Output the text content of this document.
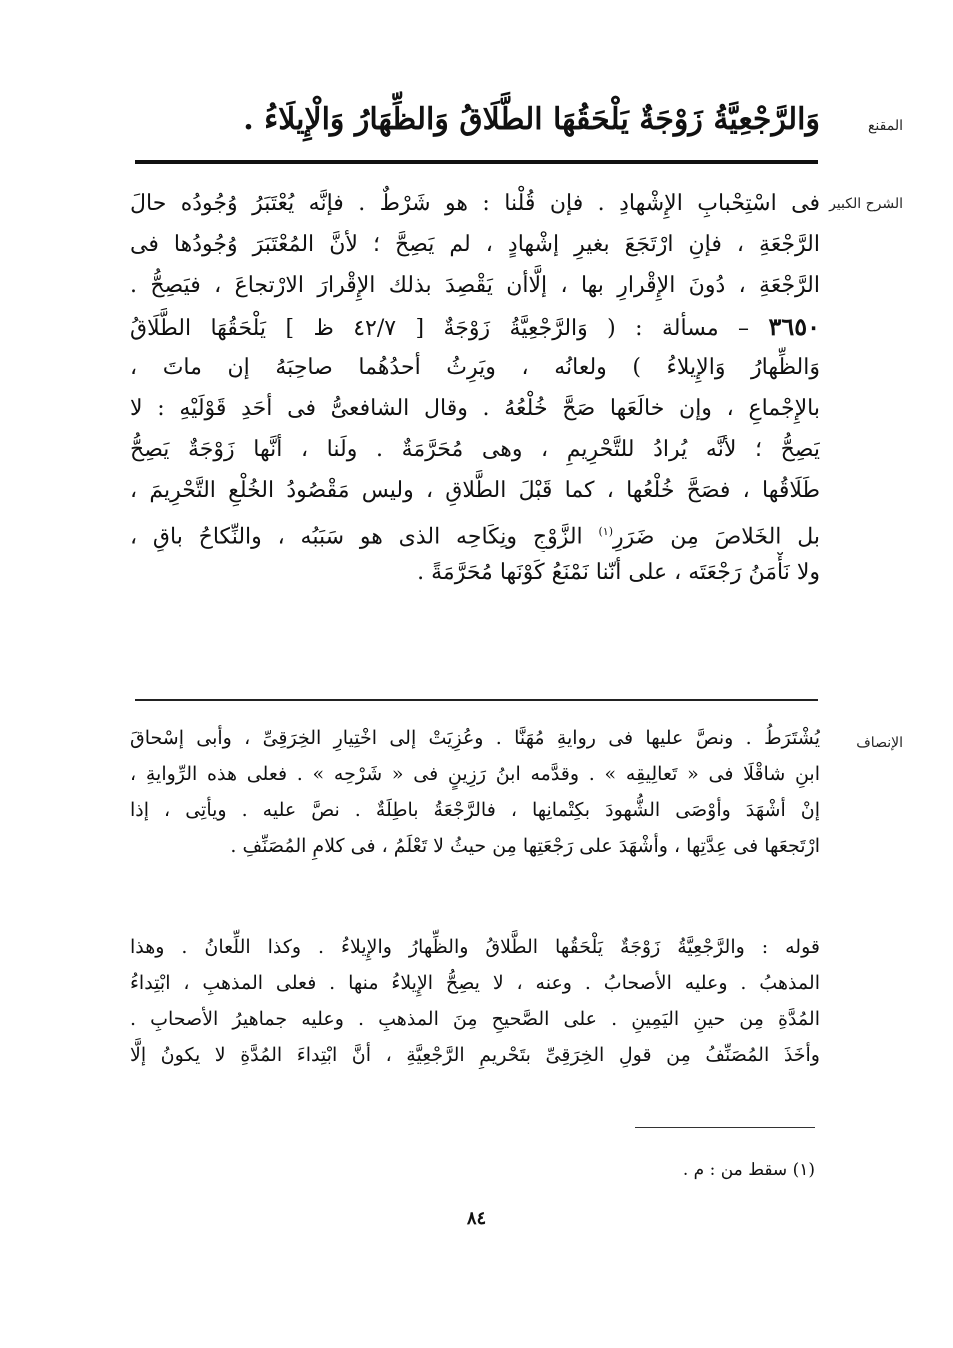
المقنع
وَالرَّجْعِيَّةُ زَوْجَةٌ يَلْحَقُهَا الطَّلَاقُ وَالظِّهَارُ وَالْإِيلَاءُ .
الشرح الكبير
فى اسْتِحْبابِ الإِشْهادِ . فإن قُلْنا : هو شَرْطٌ . فإنَّه يُعْتَبَرُ وُجُودُه حالَ
الرَّجْعَةِ ، فإنِ ارْتَجَعَ بغيرِ إشْهادٍ ، لم يَصِحَّ ؛ لأنَّ المُعْتَبَرَ وُجُودُها فى
الرَّجْعَةِ ، دُونَ الإِقْرارِ بها ، إلَّاأن يَقْصِدَ بذلك الإِقْرارَ الارْتجاعَ ، فيَصِحُّ .
٣٦٥٠ – مسألة : ( وَالرَّجْعِيَّةُ زَوْجَةٌ [ ٤٢/٧ ظ ] يَلْحَقُهَا الطَّلَاقُ
وَالظِّهارُ وَالإِيلاءُ ) ولعانُه ، ويَرِثُ أحدُهُما صاحِبَهُ إن ماتَ ،
بالإِجْماعِ ، وإن خالَعَها صَحَّ خُلْعُهُ . وقال الشافعىُّ فى أحَدِ قَوْلَيْهِ : لا
يَصِحُّ ؛ لأنَّه يُرادُ للتَّحْرِيمِ ، وهى مُحَرَّمَةٌ . ولَنا ، أنَّها زَوْجَةٌ يَصِحُّ
طَلَاقُها ، فصَحَّ خُلْعُها ، كما قَبْلَ الطَّلاقِ ، وليس مَقْصُودُ الخُلْعِ التَّحْرِيمَ ،
بل الخَلاصَ مِن ضَرَرِ$^{(١)}$ الزَّوْجِ ونِكَاحِه الذى هو سَبَبُه ، والنِّكاحُ باقٍ ،
ولا نَأْمَنُ رَجْعَتَه ، على أنّنا نَمْنَعُ كَوْنَها مُحَرَّمَةً .
الإنصاف
يُشْتَرَطُ . ونصَّ عليها فى روايةِ مُهَنَّا . وعُزِيَتْ إلى اخْتِيارِ الخِرَقِىِّ ، وأبى إسْحاقَ
ابنِ شاقْلَا فى « تَعالِيقِه » . وقدَّمه ابنُ رَزِينٍ فى « شَرْحِه » . فعلى هذه الرِّوايةِ ،
إنْ أشْهَدَ وأوْصَى الشُّهودَ بكِتْمانِها ، فالرَّجْعَةُ باطِلَةٌ . نصَّ عليه . ويأتِى ، إذا
ارْتَجعَها فى عِدَّتِها ، وأشْهَدَ على رَجْعَتِها مِن حيثُ لا تَعْلَمُ ، فى كلامِ المُصَنِّفِ .
قوله : والرَّجْعِيَّةُ زَوْجَةٌ يَلْحَقُها الطَّلاقُ والظِّهارُ والإِيلاءُ . وكذا اللِّعانُ . وهذا
المذهبُ . وعليه الأصحابُ . وعنه ، لا يصِحُّ الإِيلاءُ منها . فعلى المذهبِ ، ابْتِداءُ
المُدَّةِ مِن حينِ اليَمِينِ . على الصَّحيحِ مِنَ المذهبِ . وعليه جماهيرُ الأصحابِ .
وأخَذَ المُصَنِّفُ مِن قولِ الخِرَقِىِّ بتَحْريمِ الرَّجْعِيَّةِ ، أنَّ ابْتِداءَ المُدَّةِ لا يكونُ إلَّا
(١) سقط من : م .
٨٤
